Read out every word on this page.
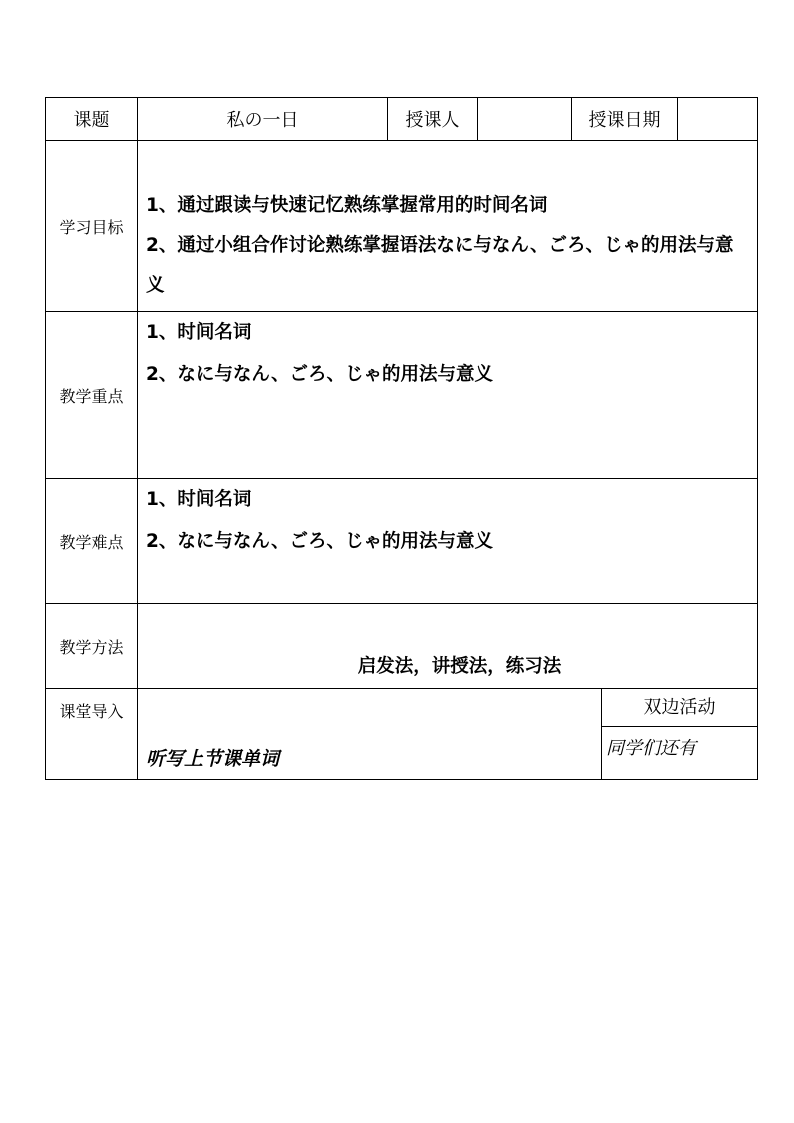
课题	私の一日	授课人		授课日期		
学习目标	1、通过跟读与快速记忆熟练掌握常用的时间名词
2、通过小组合作讨论熟练掌握语法なに与なん、ごろ、じゃ的用法与意义					

教学重点	1、时间名词
2、なに与なん、ごろ、じゃ的用法与意义					

教学难点	1、时间名词
2、なに与なん、ごろ、じゃ的用法与意义					

教学方法	启发法，讲授法，练习法					

课堂导入	听写上节课单词				双边活动
同学们还有	
